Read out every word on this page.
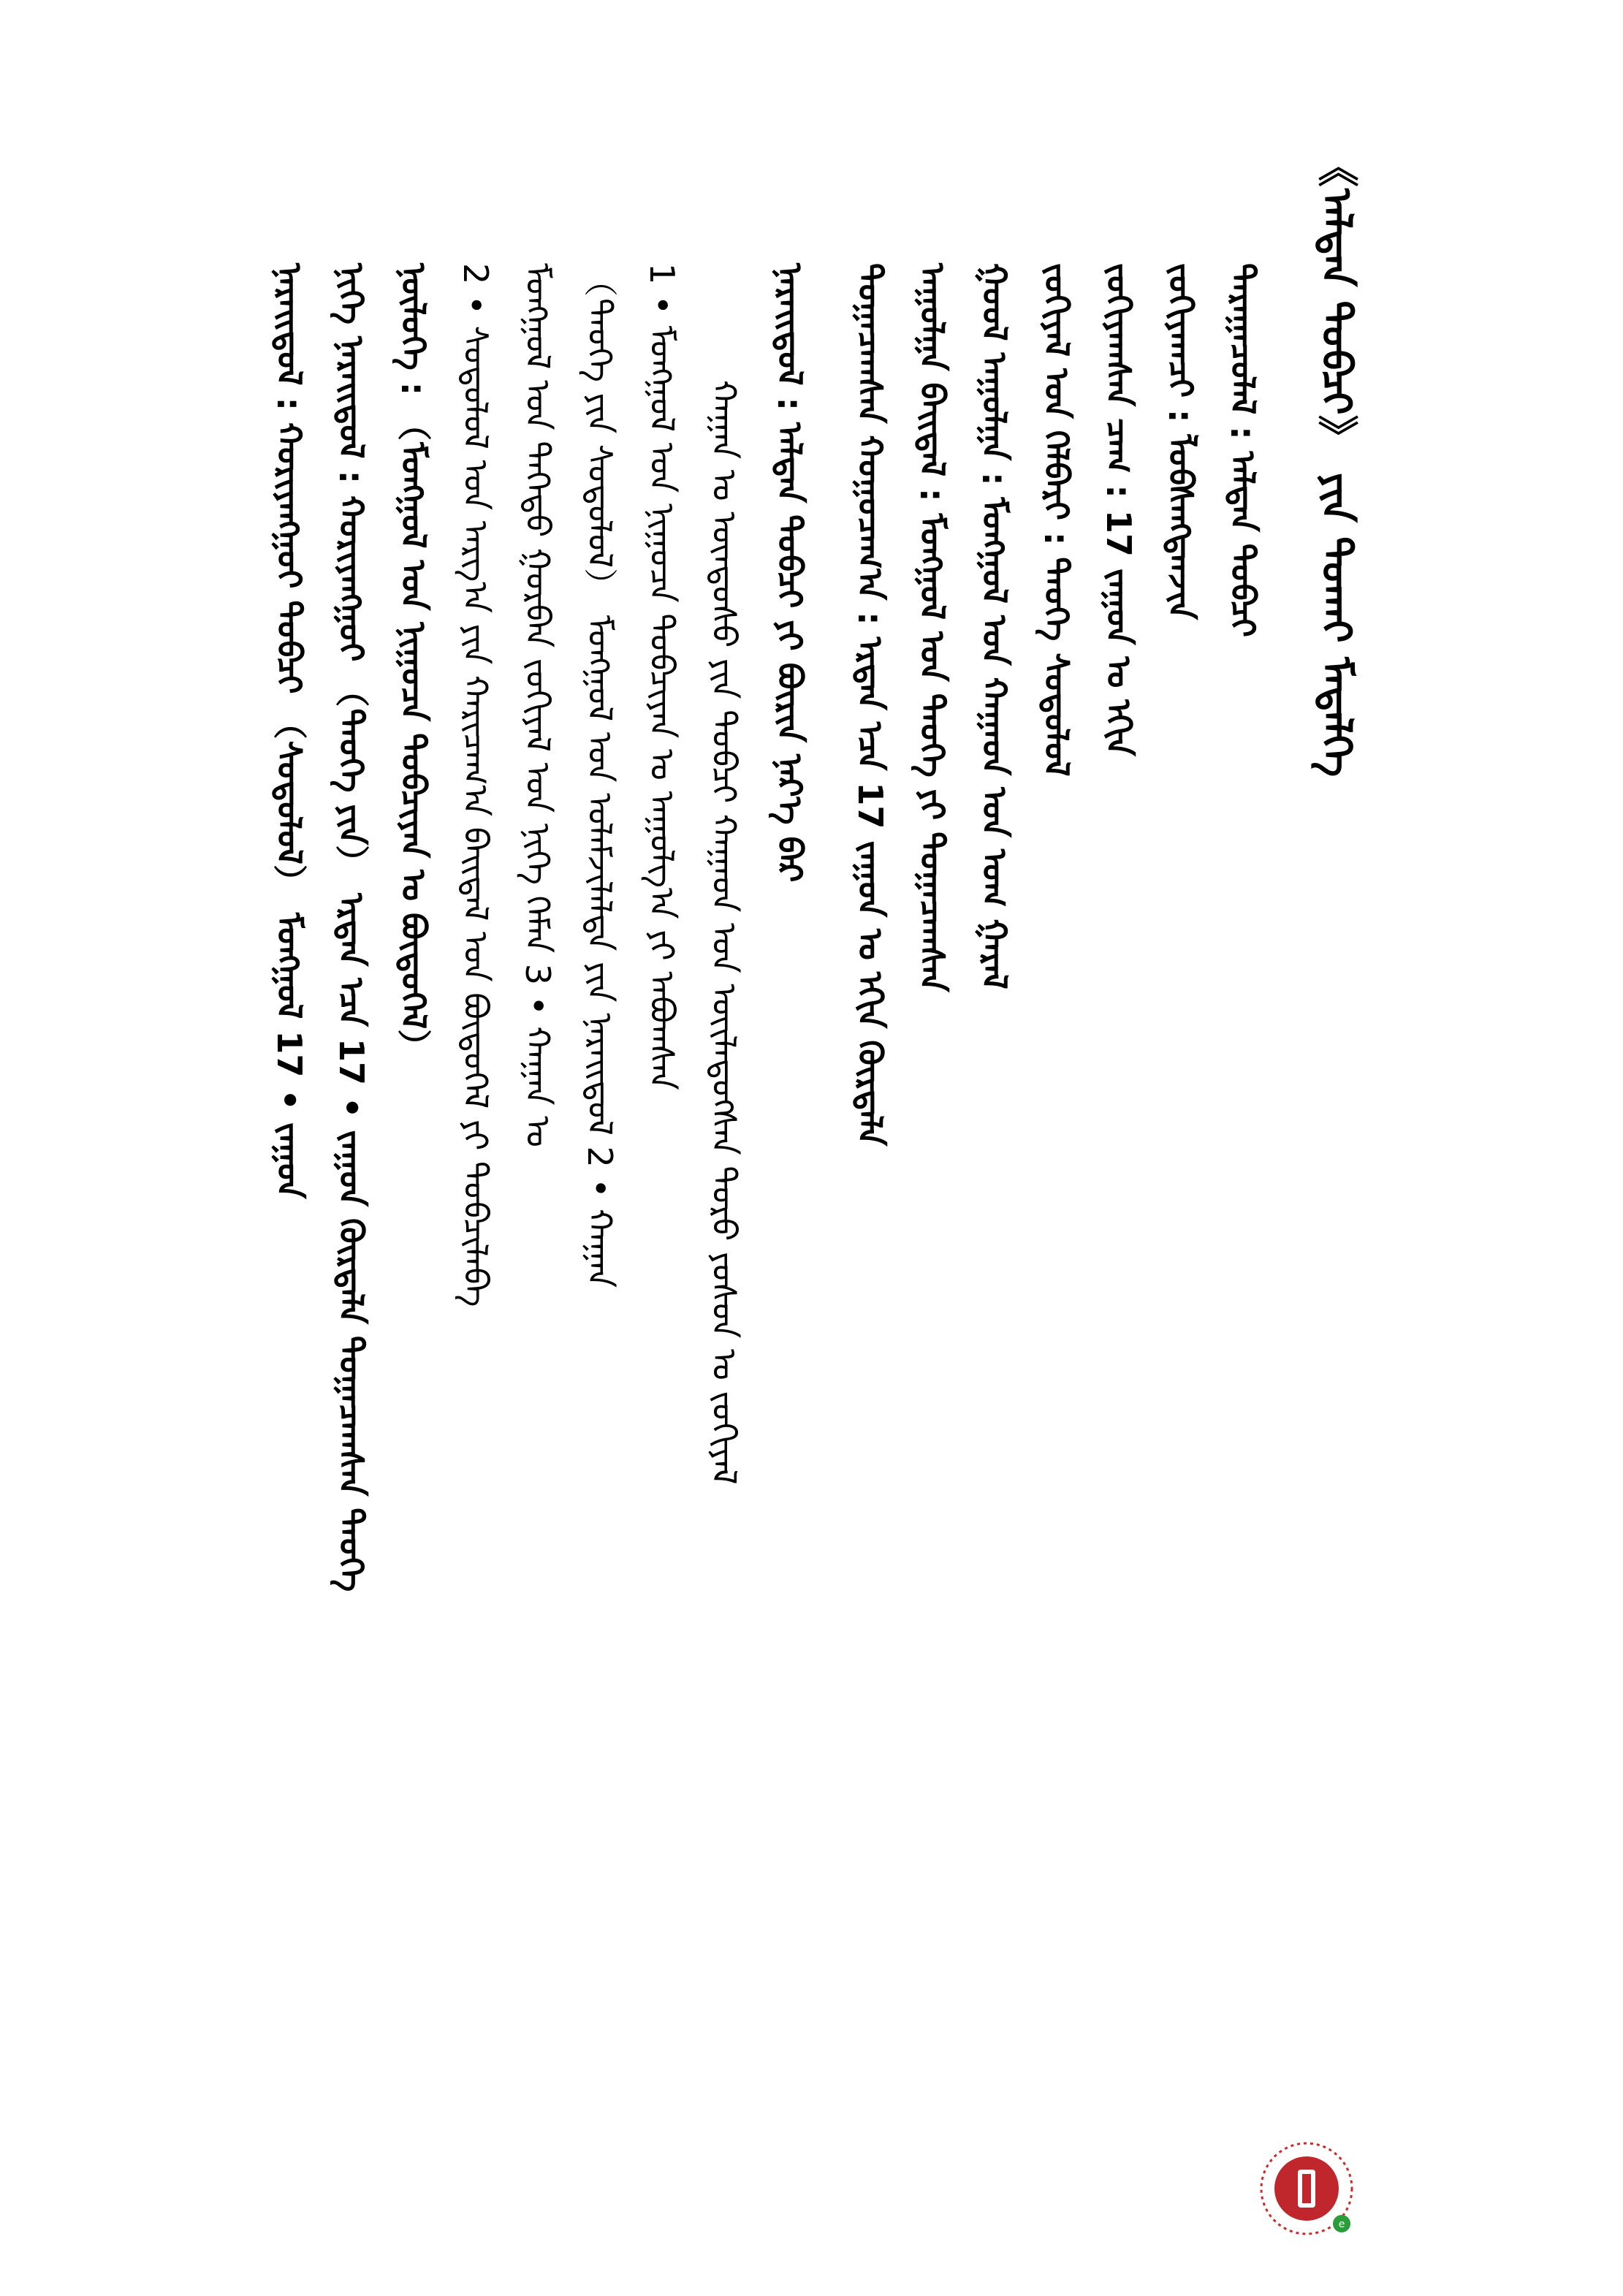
《ᠠᠯᠲᠠᠨ ᠲᠣᠪᠴᠢ》 ᠶᠢᠨ ᠲᠤᠬᠠᠢ ᠮᠡᠳᠡᠯᠭᠡ
ᠳᠠᠷᠠᠭᠠᠴᠤᠯᠠᠯ : ᠠᠯᠲᠠᠨ ᠲᠣᠪᠴᠢ
ᠵᠣᠬᠢᠶᠠᠭᠴᠢ : ᠯᠣᠪᠰᠠᠩᠳᠠᠨᠵᠢᠨ
ᠵᠣᠬᠢᠶᠠᠭᠰᠠᠨ ᠴᠠᠭ : 17 ᠵᠠᠭᠤᠨ ᠤ ᠡᠬᠢᠨ
ᠵᠣᠬᠢᠶᠠᠯ ᠤᠨ ᠬᠡᠯᠪᠡᠷᠢ : ᠲᠡᠦᠬᠡ ᠰᠤᠳᠤᠯᠤᠯ
ᠭᠣᠣᠯ ᠠᠭᠤᠯᠭᠠ : ᠮᠣᠩᠭᠣᠯ ᠤᠨ ᠬᠠᠭᠠᠳ ᠤᠨ ᠤᠭ ᠭᠠᠷᠠᠯ
ᠠᠭᠤᠯᠭᠠ ᠪᠠᠢᠳᠠᠯ : ᠮᠣᠩᠭᠣᠯ ᠤᠨ ᠲᠡᠦᠬᠡ ᠶᠢ ᠲᠣᠭᠠᠴᠠᠭᠰᠠᠨ
ᠲᠣᠭᠠᠴᠠᠭᠰᠠᠨ ᠬᠤᠭᠤᠴᠠᠭ᠎ᠠ : ᠡᠷᠲᠡᠨ ᠡᠴᠡ 17 ᠵᠠᠭᠤᠨ ᠤ ᠡᠬᠢᠨ ᠬᠦᠷᠲᠡᠯᠡ
ᠨᠡᠷᠡᠢᠳᠦᠯ : ᠠᠯᠲᠠᠨ ᠲᠣᠪᠴᠢ ᠶᠢ ᠪᠦᠷᠢᠨ ᠨᠡᠷ᠎ᠡ ᠪᠡᠷ
ᠬᠠᠭᠠᠨ ᠤ ᠦᠨᠳᠦᠰᠦ ᠶᠢᠨ ᠲᠣᠪᠴᠢ ᠬᠠᠭᠠᠳ ᠤᠨ ᠦᠢᠯᠡᠳᠦᠭᠰᠡᠨ ᠲᠣᠷᠦ ᠶᠣᠰᠤᠨ ᠤ ᠵᠣᠬᠢᠶᠠᠯ
1 • ᠮᠣᠩᠭᠣᠯ ᠤᠨ ᠨᠢᠭᠤᠴᠠ ᠲᠣᠪᠴᠢᠶᠠᠨ ᠤ ᠠᠭᠤᠯᠭ᠎ᠠ ᠶᠢ ᠠᠪᠤᠭᠰᠠᠨ
（ᠲᠡᠦᠬᠡ ᠶᠢᠨ ᠰᠤᠳᠤᠯᠤᠯ） ᠮᠣᠩᠭᠣᠯ ᠤᠨ ᠤᠯᠠᠮᠵᠢᠯᠠᠯᠲᠠ ᠶᠢᠨ ᠨᠡᠷᠡᠢᠳᠦᠯ 2 • ᠬᠠᠭᠠᠨ
ᠮᠣᠩᠭᠣᠯ ᠤᠨ ᠳᠡᠭᠡᠳᠦ ᠭᠤᠷᠪᠠᠨ ᠵᠣᠬᠢᠶᠠᠯ ᠤᠨ ᠨᠢᠭᠡ ᠬᠡᠮᠡᠨ 3 • ᠬᠠᠭᠠᠨ ᠤ
2 • ᠰᠤᠳᠤᠯᠤᠯ ᠤᠨ ᠠᠷᠭ᠎ᠠ ᠶᠢᠨ ᠬᠠᠷᠢᠴᠠᠭ᠎ᠠ ᠪᠠᠢᠳᠠᠯ ᠤᠨ ᠪᠦᠲᠦᠭᠡᠯ ᠶᠢ ᠲᠣᠪᠴᠢᠯᠠᠪᠠ
ᠨᠥᠯᠦᠭᠡ : （ᠮᠣᠩᠭᠣᠯ ᠤᠨ ᠨᠢᠭᠤᠴᠠ ᠲᠣᠪᠴᠢᠶᠠᠨ ᠤ ᠪᠦᠲᠦᠭᠡᠯ）
ᠨᠢᠭᠡ ᠨᠡᠷᠡᠢᠳᠦᠯ : ᠬᠤᠷᠢᠶᠠᠩᠭᠤᠢ （ᠲᠡᠦᠬᠡ ᠶᠢᠨ） ᠡᠷᠲᠡᠨ ᠡᠴᠡ 17 • ᠵᠠᠭᠤᠨ ᠬᠦᠷᠲᠡᠯᠡ ᠲᠣᠭᠠᠴᠠᠭᠰᠠᠨ ᠲᠡᠦᠬᠡ
ᠨᠡᠷᠡᠢᠳᠦᠯ : ᠬᠤᠷᠢᠶᠠᠩᠭᠤᠢ ᠲᠣᠪᠴᠢ （ᠰᠤᠳᠤᠯᠤᠯ） ᠮᠣᠩᠭᠣᠯ 17 • ᠵᠠᠭᠤᠨ
e
